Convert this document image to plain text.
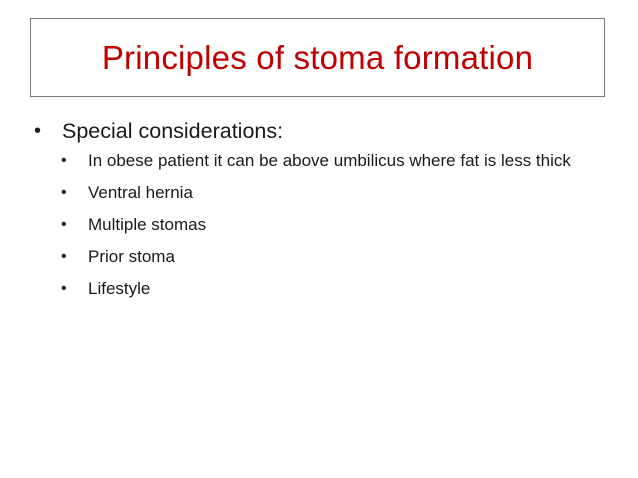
Principles of stoma formation
• Special considerations:
• In obese patient it can be above umbilicus where fat is less thick
• Ventral hernia
• Multiple stomas
• Prior stoma
• Lifestyle
